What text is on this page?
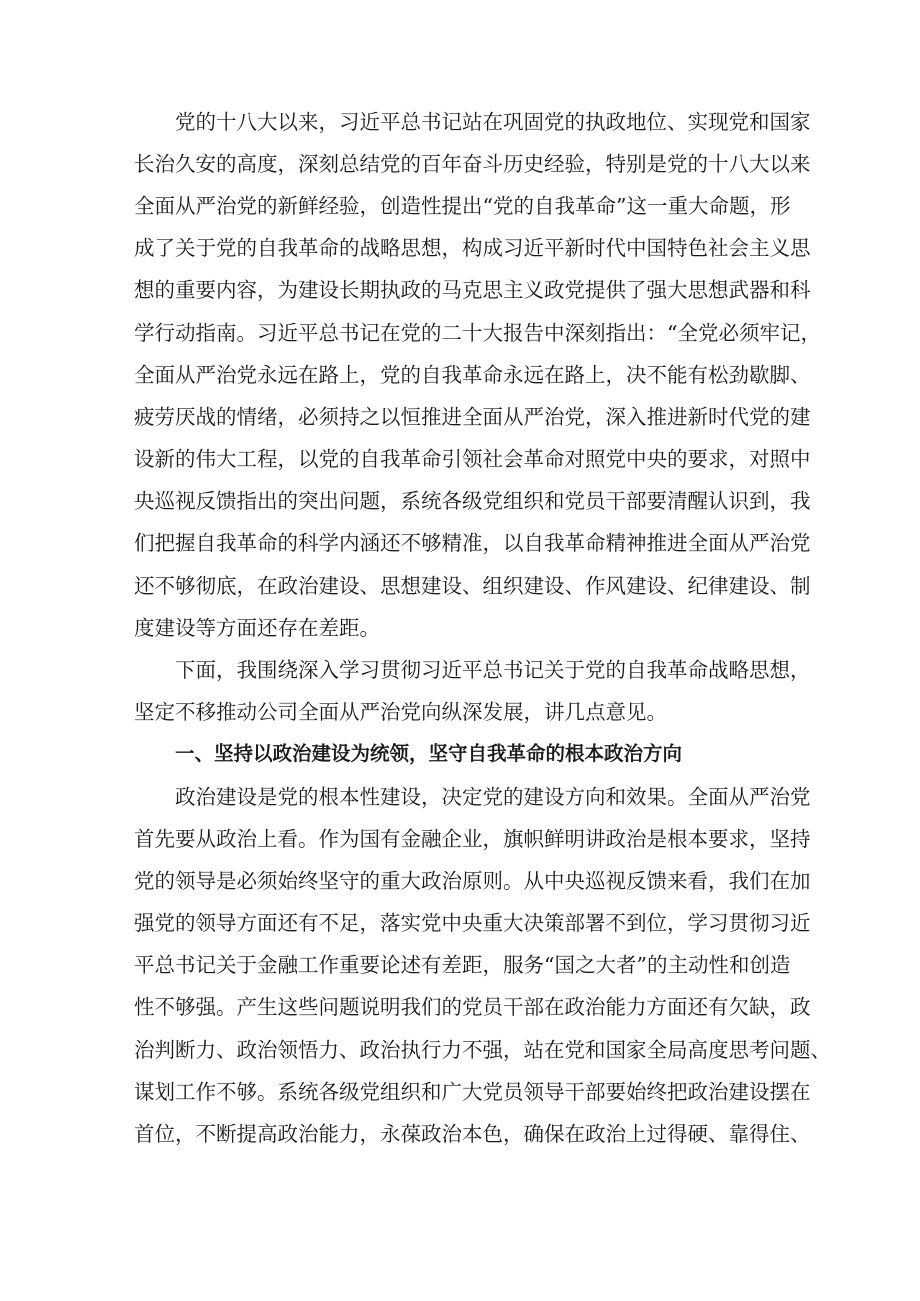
党的十八大以来，习近平总书记站在巩固党的执政地位、实现党和国家
长治久安的高度，深刻总结党的百年奋斗历史经验，特别是党的十八大以来
全面从严治党的新鲜经验，创造性提出“党的自我革命”这一重大命题，形
成了关于党的自我革命的战略思想，构成习近平新时代中国特色社会主义思
想的重要内容，为建设长期执政的马克思主义政党提供了强大思想武器和科
学行动指南。习近平总书记在党的二十大报告中深刻指出：“全党必须牢记，
全面从严治党永远在路上，党的自我革命永远在路上，决不能有松劲歇脚、
疲劳厌战的情绪，必须持之以恒推进全面从严治党，深入推进新时代党的建
设新的伟大工程，以党的自我革命引领社会革命对照党中央的要求，对照中
央巡视反馈指出的突出问题，系统各级党组织和党员干部要清醒认识到，我
们把握自我革命的科学内涵还不够精准，以自我革命精神推进全面从严治党
还不够彻底，在政治建设、思想建设、组织建设、作风建设、纪律建设、制
度建设等方面还存在差距。
下面，我围绕深入学习贯彻习近平总书记关于党的自我革命战略思想，
坚定不移推动公司全面从严治党向纵深发展，讲几点意见。
一、坚持以政治建设为统领，坚守自我革命的根本政治方向
政治建设是党的根本性建设，决定党的建设方向和效果。全面从严治党
首先要从政治上看。作为国有金融企业，旗帜鲜明讲政治是根本要求，坚持
党的领导是必须始终坚守的重大政治原则。从中央巡视反馈来看，我们在加
强党的领导方面还有不足，落实党中央重大决策部署不到位，学习贯彻习近
平总书记关于金融工作重要论述有差距，服务“国之大者”的主动性和创造
性不够强。产生这些问题说明我们的党员干部在政治能力方面还有欠缺，政
治判断力、政治领悟力、政治执行力不强，站在党和国家全局高度思考问题、
谋划工作不够。系统各级党组织和广大党员领导干部要始终把政治建设摆在
首位，不断提高政治能力，永葆政治本色，确保在政治上过得硬、靠得住、
